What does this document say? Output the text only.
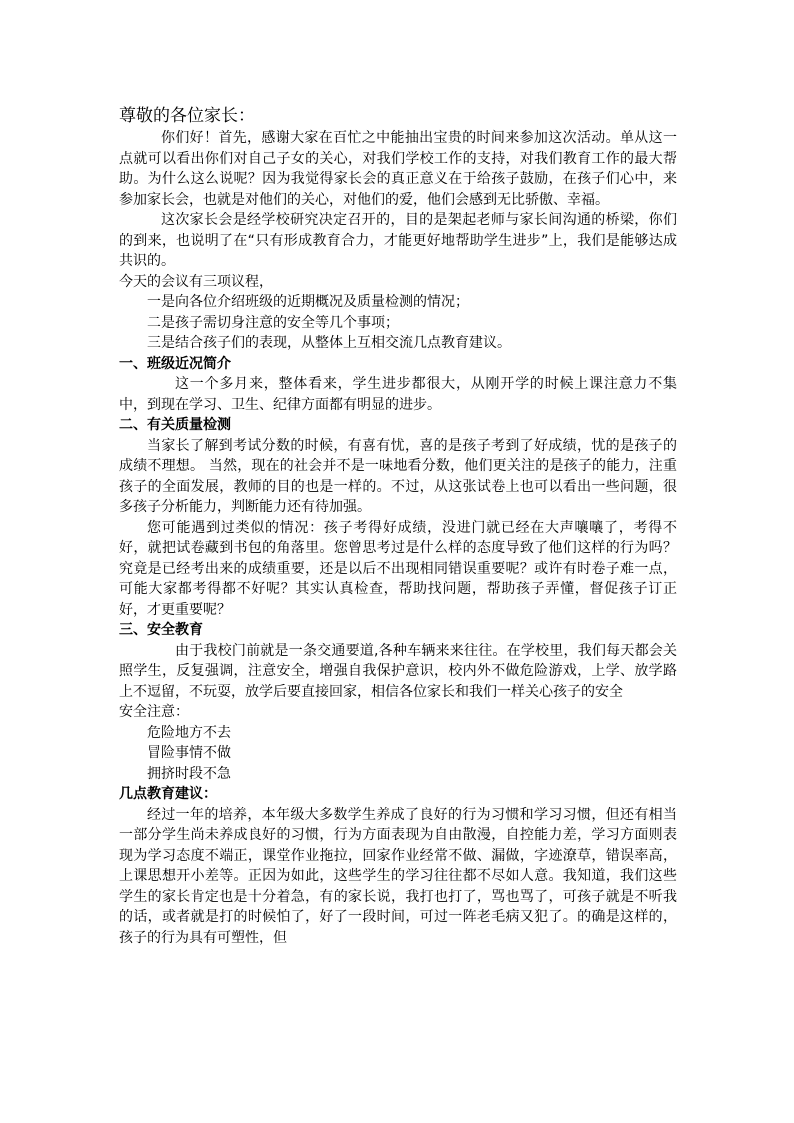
尊敬的各位家长：

你们好！首先，感谢大家在百忙之中能抽出宝贵的时间来参加这次活动。单从这一点就可以看出你们对自己子女的关心，对我们学校工作的支持，对我们教育工作的最大帮助。为什么这么说呢？因为我觉得家长会的真正意义在于给孩子鼓励，在孩子们心中，来参加家长会，也就是对他们的关心，对他们的爱，他们会感到无比骄傲、幸福。

这次家长会是经学校研究决定召开的，目的是架起老师与家长间沟通的桥梁，你们的到来，也说明了在“只有形成教育合力，才能更好地帮助学生进步”上，我们是能够达成共识的。

今天的会议有三项议程，

一是向各位介绍班级的近期概况及质量检测的情况；

二是孩子需切身注意的安全等几个事项；

三是结合孩子们的表现，从整体上互相交流几点教育建议。

一、班级近况简介

这一个多月来，整体看来，学生进步都很大，从刚开学的时候上课注意力不集中，到现在学习、卫生、纪律方面都有明显的进步。

二、有关质量检测

当家长了解到考试分数的时候，有喜有忧，喜的是孩子考到了好成绩，忧的是孩子的成绩不理想。 当然，现在的社会并不是一味地看分数，他们更关注的是孩子的能力，注重孩子的全面发展，教师的目的也是一样的。不过，从这张试卷上也可以看出一些问题，很多孩子分析能力，判断能力还有待加强。

您可能遇到过类似的情况：孩子考得好成绩，没进门就已经在大声嚷嚷了，考得不好，就把试卷藏到书包的角落里。您曾思考过是什么样的态度导致了他们这样的行为吗？究竟是已经考出来的成绩重要，还是以后不出现相同错误重要呢？或许有时卷子难一点，可能大家都考得都不好呢？其实认真检查，帮助找问题，帮助孩子弄懂，督促孩子订正好，才更重要呢？

三、安全教育

由于我校门前就是一条交通要道,各种车辆来来往往。在学校里，我们每天都会关照学生，反复强调，注意安全，增强自我保护意识，校内外不做危险游戏，上学、放学路上不逗留，不玩耍，放学后要直接回家，相信各位家长和我们一样关心孩子的安全

安全注意：

危险地方不去

冒险事情不做

拥挤时段不急

几点教育建议：

经过一年的培养，本年级大多数学生养成了良好的行为习惯和学习习惯，但还有相当一部分学生尚未养成良好的习惯，行为方面表现为自由散漫，自控能力差，学习方面则表现为学习态度不端正，课堂作业拖拉，回家作业经常不做、漏做，字迹潦草，错误率高，上课思想开小差等。正因为如此，这些学生的学习往往都不尽如人意。我知道，我们这些学生的家长肯定也是十分着急，有的家长说，我打也打了，骂也骂了，可孩子就是不听我的话，或者就是打的时候怕了，好了一段时间，可过一阵老毛病又犯了。的确是这样的，孩子的行为具有可塑性，但
